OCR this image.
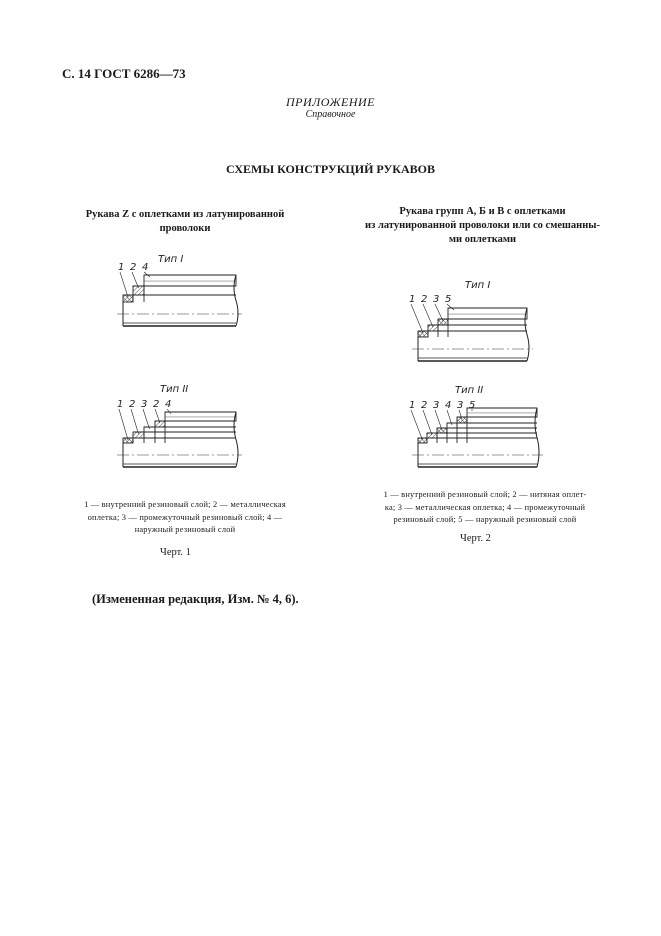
С. 14 ГОСТ 6286—73
ПРИЛОЖЕНИЕ
Справочное
СХЕМЫ КОНСТРУКЦИЙ РУКАВОВ
Рукава Z с оплетками из латунированной
проволоки
Рукава групп А, Б и В с оплетками
из латунированной проволоки или со смешанны-
ми оплетками
1 2 4
Тип I
1 2 3 2 4
Тип II
1 2 3 5
Тип I
1 2 3 4 3 5
Тип II
1 — внутренний резиновый слой; 2 — металлическая
оплетка; 3 — промежуточный резиновый слой; 4 —
наружный резиновый слой
1 — внутренний резиновый слой; 2 — нитяная оплет-
ка; 3 — металлическая оплетка; 4 — промежуточный
резиновый слой; 5 — наружный резиновый слой
Черт. 1
Черт. 2
(Измененная редакция, Изм. № 4, 6).
